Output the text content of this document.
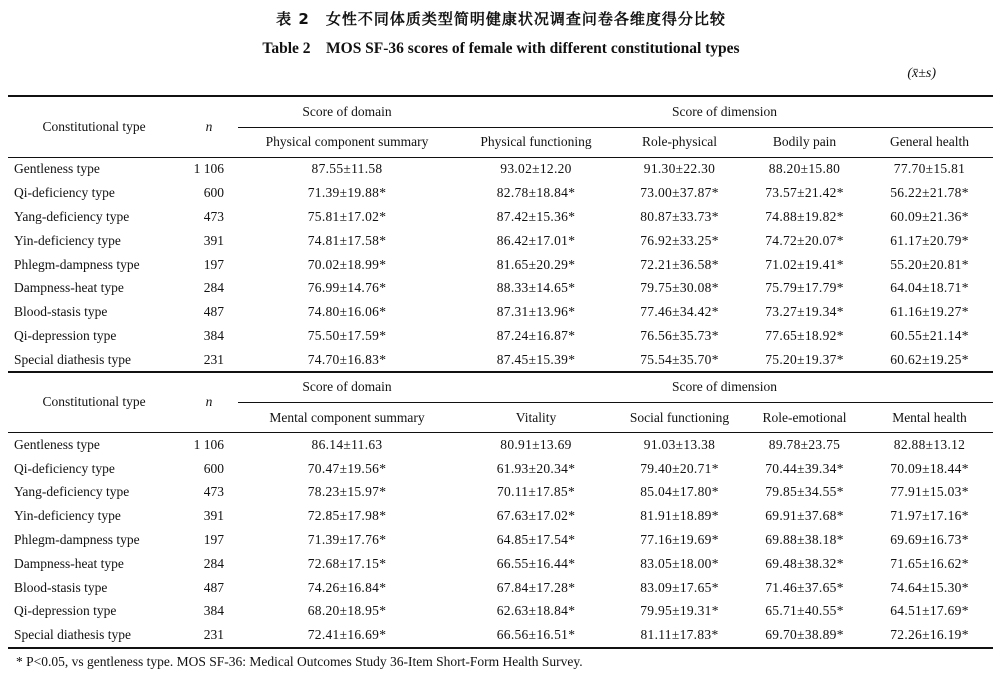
表 2　女性不同体质类型简明健康状况调查问卷各维度得分比较
Table 2　MOS SF-36 scores of female with different constitutional types
(x̄±s)
Constitutional type	n	Score of domain	Score of dimension			
		Physical component summary	Physical functioning	Role-physical	Bodily pain	General health
Gentleness type	1 106	87.55±11.58	93.02±12.20	91.30±22.30	88.20±15.80	77.70±15.81
Qi-deficiency type	600	71.39±19.88*	82.78±18.84*	73.00±37.87*	73.57±21.42*	56.22±21.78*
Yang-deficiency type	473	75.81±17.02*	87.42±15.36*	80.87±33.73*	74.88±19.82*	60.09±21.36*
Yin-deficiency type	391	74.81±17.58*	86.42±17.01*	76.92±33.25*	74.72±20.07*	61.17±20.79*
Phlegm-dampness type	197	70.02±18.99*	81.65±20.29*	72.21±36.58*	71.02±19.41*	55.20±20.81*
Dampness-heat type	284	76.99±14.76*	88.33±14.65*	79.75±30.08*	75.79±17.79*	64.04±18.71*
Blood-stasis type	487	74.80±16.06*	87.31±13.96*	77.46±34.42*	73.27±19.34*	61.16±19.27*
Qi-depression type	384	75.50±17.59*	87.24±16.87*	76.56±35.73*	77.65±18.92*	60.55±21.14*
Special diathesis type	231	74.70±16.83*	87.45±15.39*	75.54±35.70*	75.20±19.37*	60.62±19.25*
Constitutional type	n	Score of domain	Score of dimension			
		Mental component summary	Vitality	Social functioning	Role-emotional	Mental health
Gentleness type	1 106	86.14±11.63	80.91±13.69	91.03±13.38	89.78±23.75	82.88±13.12
Qi-deficiency type	600	70.47±19.56*	61.93±20.34*	79.40±20.71*	70.44±39.34*	70.09±18.44*
Yang-deficiency type	473	78.23±15.97*	70.11±17.85*	85.04±17.80*	79.85±34.55*	77.91±15.03*
Yin-deficiency type	391	72.85±17.98*	67.63±17.02*	81.91±18.89*	69.91±37.68*	71.97±17.16*
Phlegm-dampness type	197	71.39±17.76*	64.85±17.54*	77.16±19.69*	69.88±38.18*	69.69±16.73*
Dampness-heat type	284	72.68±17.15*	66.55±16.44*	83.05±18.00*	69.48±38.32*	71.65±16.62*
Blood-stasis type	487	74.26±16.84*	67.84±17.28*	83.09±17.65*	71.46±37.65*	74.64±15.30*
Qi-depression type	384	68.20±18.95*	62.63±18.84*	79.95±19.31*	65.71±40.55*	64.51±17.69*
Special diathesis type	231	72.41±16.69*	66.56±16.51*	81.11±17.83*	69.70±38.89*	72.26±16.19*
* P<0.05, vs gentleness type. MOS SF-36: Medical Outcomes Study 36-Item Short-Form Health Survey.
